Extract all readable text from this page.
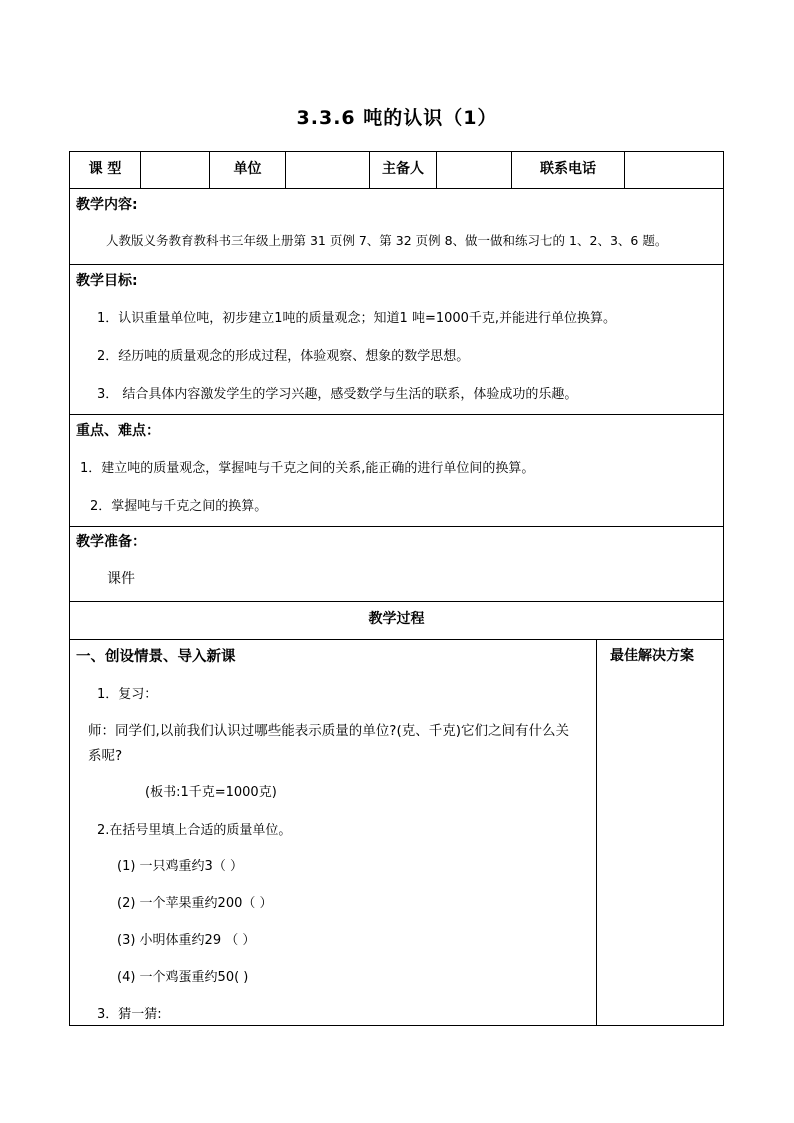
3.3.6 吨的认识（1）
课 型	单位	主备人	联系电话
教学内容:
人教版义务教育教科书三年级上册第 31 页例 7、第 32 页例 8、做一做和练习七的 1、2、3、6 题。
教学目标:
1．认识重量单位吨，初步建立1吨的质量观念；知道1 吨=1000千克,并能进行单位换算。
2．经历吨的质量观念的形成过程，体验观察、想象的数学思想。
3． 结合具体内容激发学生的学习兴趣，感受数学与生活的联系，体验成功的乐趣。
重点、难点：
1．建立吨的质量观念，掌握吨与千克之间的关系,能正确的进行单位间的换算。
2．掌握吨与千克之间的换算。
教学准备：
课件
教学过程
最佳解决方案
一、创设情景、导入新课
1．复习：
师：同学们,以前我们认识过哪些能表示质量的单位?(克、千克)它们之间有什么关
系呢?
(板书:1千克=1000克)
2.在括号里填上合适的质量单位。
(1) 一只鸡重约3（ ）
(2) 一个苹果重约200（ ）
(3) 小明体重约29 （ ）
(4) 一个鸡蛋重约50( )
3．猜一猜:
